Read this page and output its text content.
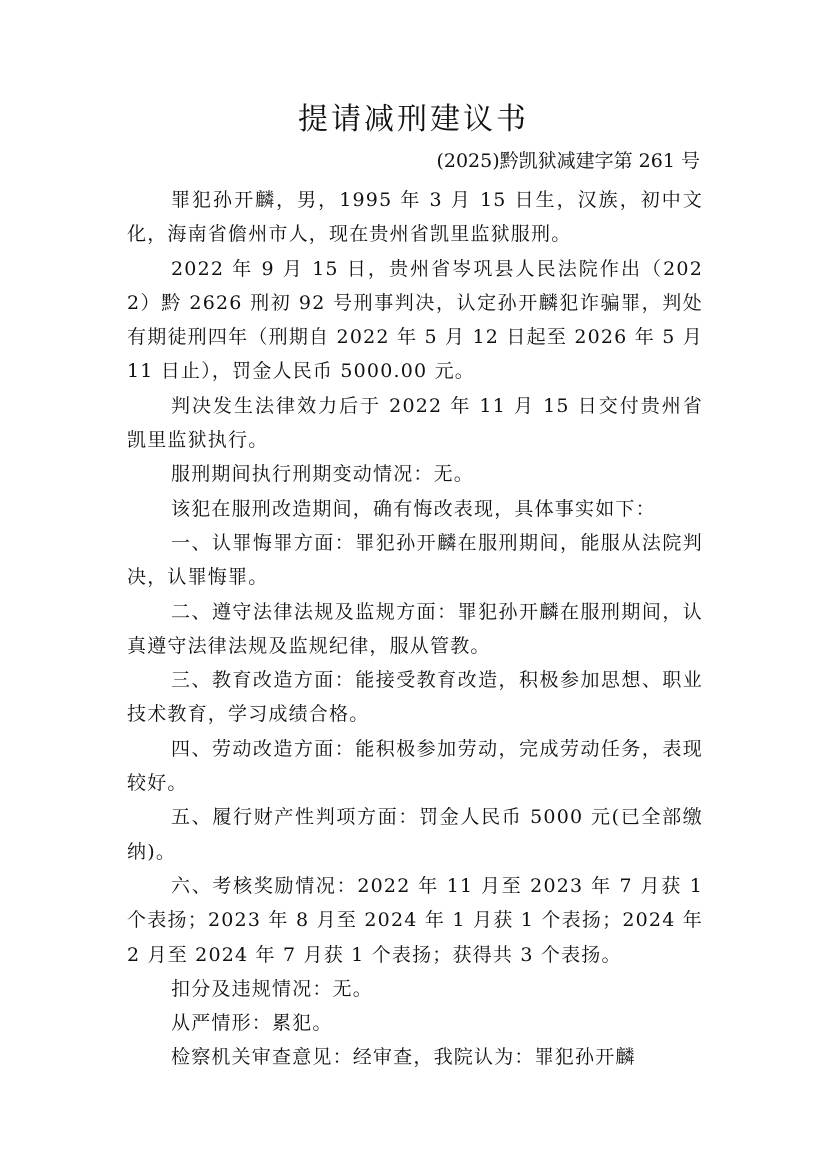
提请减刑建议书
(2025)黔凯狱减建字第 261 号

罪犯孙开麟，男，1995 年 3 月 15 日生，汉族，初中文化，海南省儋州市人，现在贵州省凯里监狱服刑。

2022 年 9 月 15 日，贵州省岑巩县人民法院作出（2022）黔 2626 刑初 92 号刑事判决，认定孙开麟犯诈骗罪，判处有期徒刑四年（刑期自 2022 年 5 月 12 日起至 2026 年 5 月 11 日止），罚金人民币 5000.00 元。

判决发生法律效力后于 2022 年 11 月 15 日交付贵州省凯里监狱执行。

服刑期间执行刑期变动情况：无。

该犯在服刑改造期间，确有悔改表现，具体事实如下：

一、认罪悔罪方面：罪犯孙开麟在服刑期间，能服从法院判决，认罪悔罪。

二、遵守法律法规及监规方面：罪犯孙开麟在服刑期间，认真遵守法律法规及监规纪律，服从管教。

三、教育改造方面：能接受教育改造，积极参加思想、职业技术教育，学习成绩合格。

四、劳动改造方面：能积极参加劳动，完成劳动任务，表现较好。

五、履行财产性判项方面：罚金人民币 5000 元(已全部缴纳)。

六、考核奖励情况：2022 年 11 月至 2023 年 7 月获 1 个表扬；2023 年 8 月至 2024 年 1 月获 1 个表扬；2024 年 2 月至 2024 年 7 月获 1 个表扬；获得共 3 个表扬。

扣分及违规情况：无。

从严情形：累犯。

检察机关审查意见：经审查，我院认为：罪犯孙开麟
